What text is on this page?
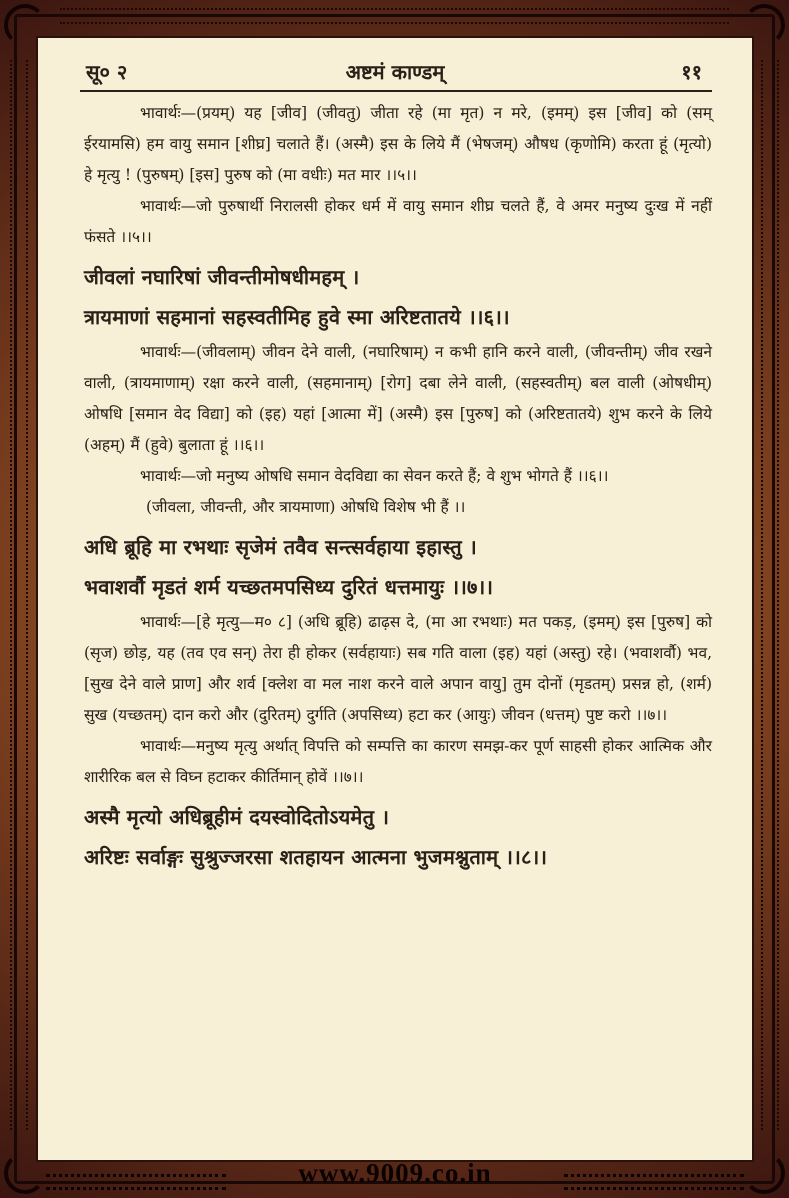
सू० २	अष्टमं काण्डम्	११

भावार्थः—(प्रयम्) यह [जीव] (जीवतु) जीता रहे (मा मृत) न मरे, (इमम्) इस [जीव] को (सम् ईरयामसि) हम वायु समान [शीघ्र] चलाते हैं। (अस्मै) इस के लिये मैं (भेषजम्) औषध (कृणोमि) करता हूं (मृत्यो) हे मृत्यु ! (पुरुषम्) [इस] पुरुष को (मा वधीः) मत मार ।।५।।

भावार्थः—जो पुरुषार्थी निरालसी होकर धर्म में वायु समान शीघ्र चलते हैं, वे अमर मनुष्य दुःख में नहीं फंसते ।।५।।

जीवलां नघारिषां जीवन्तीमोषधीमहम् ।

त्रायमाणां सहमानां सहस्वतीमिह हुवे स्मा अरिष्टतातये ।।६।।

भावार्थः—(जीवलाम्) जीवन देने वाली, (नघारिषाम्) न कभी हानि करने वाली, (जीवन्तीम्) जीव रखने वाली, (त्रायमाणाम्) रक्षा करने वाली, (सहमानाम्) [रोग] दबा लेने वाली, (सहस्वतीम्) बल वाली (ओषधीम्) ओषधि [समान वेद विद्या] को (इह) यहां [आत्मा में] (अस्मै) इस [पुरुष] को (अरिष्टतातये) शुभ करने के लिये (अहम्) मैं (हुवे) बुलाता हूं ।।६।।

भावार्थः—जो मनुष्य ओषधि समान वेदविद्या का सेवन करते हैं; वे शुभ भोगते हैं ।।६।।

(जीवला, जीवन्ती, और त्रायमाणा) ओषधि विशेष भी हैं ।।

अधि ब्रूहि मा रभथाः सृजेमं तवैव सन्त्सर्वहाया इहास्तु ।

भवाशर्वौ मृडतं शर्म यच्छतमपसिध्य दुरितं धत्तमायुः ।।७।।

भावार्थः—[हे मृत्यु—म० ८] (अधि ब्रूहि) ढाढ़स दे, (मा आ रभथाः) मत पकड़, (इमम्) इस [पुरुष] को (सृज) छोड़, यह (तव एव सन्) तेरा ही होकर (सर्वहायाः) सब गति वाला (इह) यहां (अस्तु) रहे। (भवाशर्वौ) भव, [सुख देने वाले प्राण] और शर्व [क्लेश वा मल नाश करने वाले अपान वायु] तुम दोनों (मृडतम्) प्रसन्न हो, (शर्म) सुख (यच्छतम्) दान करो और (दुरितम्) दुर्गति (अपसिध्य) हटा कर (आयुः) जीवन (धत्तम्) पुष्ट करो ।।७।।

भावार्थः—मनुष्य मृत्यु अर्थात् विपत्ति को सम्पत्ति का कारण समझ-कर पूर्ण साहसी होकर आत्मिक और शारीरिक बल से विघ्न हटाकर कीर्तिमान् होवें ।।७।।

अस्मै मृत्यो अधिब्रूहीमं दयस्वोदितोऽयमेतु ।

अरिष्टः सर्वाङ्गः सुश्रुज्जरसा शतहायन आत्मना भुजमश्नुताम् ।।८।।

www.9009.co.in
